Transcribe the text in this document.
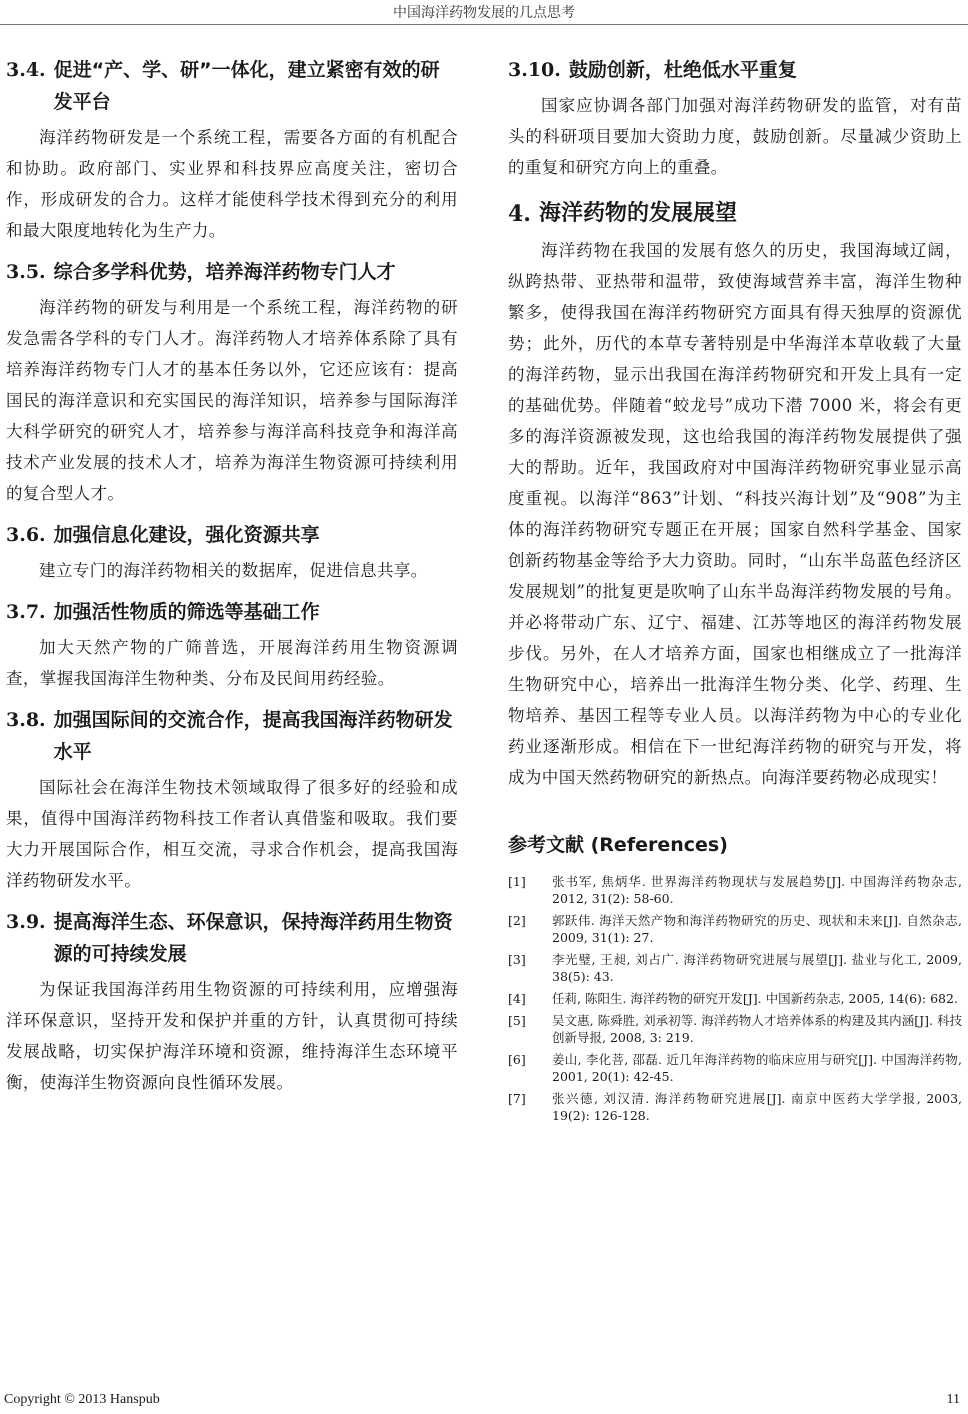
中国海洋药物发展的几点思考
3.4. 促进“产、学、研”一体化，建立紧密有效的研发平台

海洋药物研发是一个系统工程，需要各方面的有机配合和协助。政府部门、实业界和科技界应高度关注，密切合作，形成研发的合力。这样才能使科学技术得到充分的利用和最大限度地转化为生产力。

3.5. 综合多学科优势，培养海洋药物专门人才

海洋药物的研发与利用是一个系统工程，海洋药物的研发急需各学科的专门人才。海洋药物人才培养体系除了具有培养海洋药物专门人才的基本任务以外，它还应该有：提高国民的海洋意识和充实国民的海洋知识，培养参与国际海洋大科学研究的研究人才，培养参与海洋高科技竞争和海洋高技术产业发展的技术人才，培养为海洋生物资源可持续利用的复合型人才。

3.6. 加强信息化建设，强化资源共享

建立专门的海洋药物相关的数据库，促进信息共享。

3.7. 加强活性物质的筛选等基础工作

加大天然产物的广筛普选，开展海洋药用生物资源调查，掌握我国海洋生物种类、分布及民间用药经验。

3.8. 加强国际间的交流合作，提高我国海洋药物研发水平

国际社会在海洋生物技术领域取得了很多好的经验和成果，值得中国海洋药物科技工作者认真借鉴和吸取。我们要大力开展国际合作，相互交流，寻求合作机会，提高我国海洋药物研发水平。

3.9. 提高海洋生态、环保意识，保持海洋药用生物资源的可持续发展

为保证我国海洋药用生物资源的可持续利用，应增强海洋环保意识，坚持开发和保护并重的方针，认真贯彻可持续发展战略，切实保护海洋环境和资源，维持海洋生态环境平衡，使海洋生物资源向良性循环发展。

3.10. 鼓励创新，杜绝低水平重复

国家应协调各部门加强对海洋药物研发的监管，对有苗头的科研项目要加大资助力度，鼓励创新。尽量减少资助上的重复和研究方向上的重叠。

4. 海洋药物的发展展望

海洋药物在我国的发展有悠久的历史，我国海域辽阔，纵跨热带、亚热带和温带，致使海域营养丰富，海洋生物种繁多，使得我国在海洋药物研究方面具有得天独厚的资源优势；此外，历代的本草专著特别是中华海洋本草收载了大量的海洋药物，显示出我国在海洋药物研究和开发上具有一定的基础优势。伴随着“蛟龙号”成功下潜 7000 米，将会有更多的海洋资源被发现，这也给我国的海洋药物发展提供了强大的帮助。近年，我国政府对中国海洋药物研究事业显示高度重视。以海洋“863”计划、“科技兴海计划”及“908”为主体的海洋药物研究专题正在开展；国家自然科学基金、国家创新药物基金等给予大力资助。同时，“山东半岛蓝色经济区发展规划”的批复更是吹响了山东半岛海洋药物发展的号角。并必将带动广东、辽宁、福建、江苏等地区的海洋药物发展步伐。另外，在人才培养方面，国家也相继成立了一批海洋生物研究中心，培养出一批海洋生物分类、化学、药理、生物培养、基因工程等专业人员。以海洋药物为中心的专业化药业逐渐形成。相信在下一世纪海洋药物的研究与开发，将成为中国天然药物研究的新热点。向海洋要药物必成现实！

参考文献 (References)
[1]	张书军, 焦炳华. 世界海洋药物现状与发展趋势[J]. 中国海洋药物杂志, 2012, 31(2): 58-60.
[2]	郭跃伟. 海洋天然产物和海洋药物研究的历史、现状和未来[J]. 自然杂志, 2009, 31(1): 27.
[3]	李光璧, 王昶, 刘占广. 海洋药物研究进展与展望[J]. 盐业与化工, 2009, 38(5): 43.
[4]	任莉, 陈阳生. 海洋药物的研究开发[J]. 中国新药杂志, 2005, 14(6): 682.
[5]	吴文惠, 陈舜胜, 刘承初等. 海洋药物人才培养体系的构建及其内涵[J]. 科技创新导报, 2008, 3: 219.
[6]	姜山, 李化菩, 邵磊. 近几年海洋药物的临床应用与研究[J]. 中国海洋药物, 2001, 20(1): 42-45.
[7]	张兴德, 刘汉清. 海洋药物研究进展[J]. 南京中医药大学学报, 2003, 19(2): 126-128.
Copyright © 2013 Hanspub	11
